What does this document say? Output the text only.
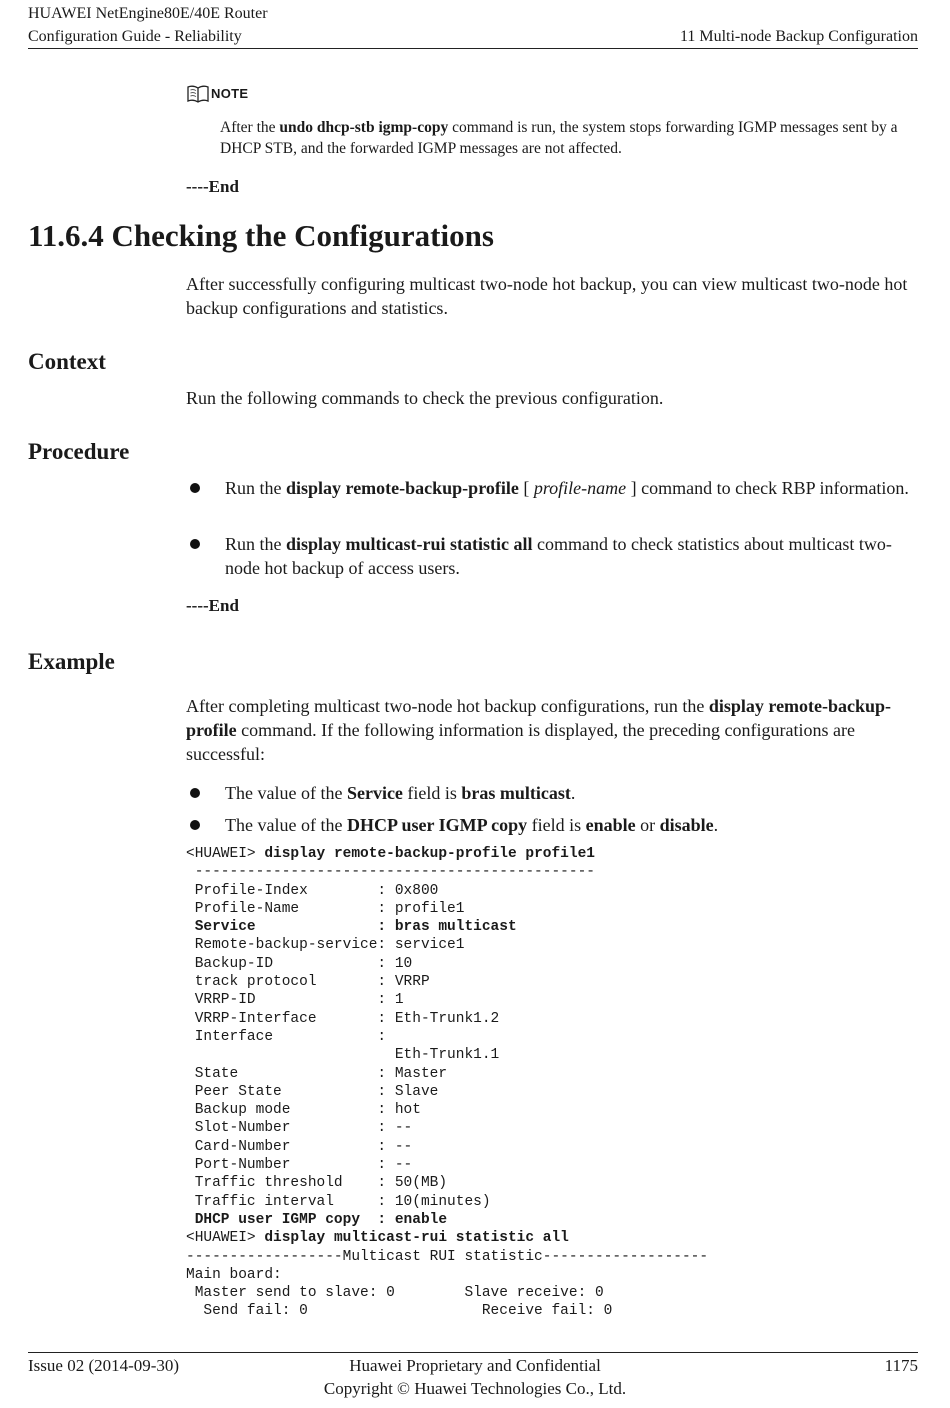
HUAWEI NetEngine80E/40E Router
Configuration Guide - Reliability	11 Multi-node Backup Configuration
NOTE
After the undo dhcp-stb igmp-copy command is run, the system stops forwarding IGMP messages sent by a DHCP STB, and the forwarded IGMP messages are not affected.
----End
11.6.4 Checking the Configurations
After successfully configuring multicast two-node hot backup, you can view multicast two-node hot backup configurations and statistics.
Context
Run the following commands to check the previous configuration.
Procedure
Run the display remote-backup-profile [ profile-name ] command to check RBP information.
Run the display multicast-rui statistic all command to check statistics about multicast two-node hot backup of access users.
----End
Example
After completing multicast two-node hot backup configurations, run the display remote-backup-profile command. If the following information is displayed, the preceding configurations are successful:
The value of the Service field is bras multicast.
The value of the DHCP user IGMP copy field is enable or disable.
<HUAWEI> display remote-backup-profile profile1
----------------------------------------------
Profile-Index        : 0x800
Profile-Name         : profile1
Service              : bras multicast
Remote-backup-service: service1
Backup-ID            : 10
track protocol       : VRRP
VRRP-ID              : 1
VRRP-Interface       : Eth-Trunk1.2
Interface            :
Eth-Trunk1.1
State                : Master
Peer State           : Slave
Backup mode          : hot
Slot-Number          : --
Card-Number          : --
Port-Number          : --
Traffic threshold    : 50(MB)
Traffic interval     : 10(minutes)
DHCP user IGMP copy  : enable
<HUAWEI> display multicast-rui statistic all
------------------Multicast RUI statistic-------------------
Main board:
Master send to slave: 0        Slave receive: 0
Send fail: 0                    Receive fail: 0
Huawei Proprietary and Confidential
Copyright © Huawei Technologies Co., Ltd.
Issue 02 (2014-09-30)	1175
